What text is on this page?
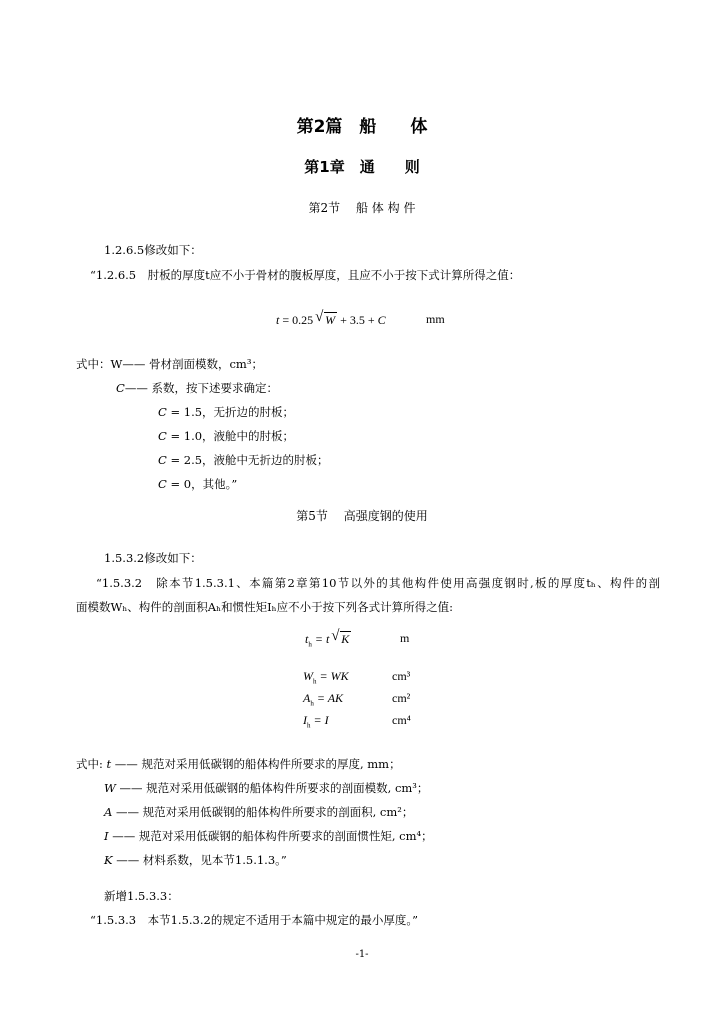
第2篇　船　　体
第1章　通　　则
第2节　 船 体 构 件
1.2.6.5修改如下：
“1.2.6.5　肘板的厚度t应不小于骨材的腹板厚度，且应不小于按下式计算所得之值：
t = 0.25 √ W + 3.5 + C	mm
式中：W—— 骨材剖面模数，cm³；
C—— 系数，按下述要求确定：
C = 1.5，无折边的肘板；
C = 1.0，液舱中的肘板；
C = 2.5，液舱中无折边的肘板；
C = 0，其他。”
第5节　 高强度钢的使用
1.5.3.2修改如下：
“1.5.3.2　除本节1.5.3.1、本篇第2章第10节以外的其他构件使用高强度钢时,板的厚度tₕ、构件的剖
面模数Wₕ、构件的剖面积Aₕ和惯性矩Iₕ应不小于按下列各式计算所得之值:
$t_h = t$ √ K	m
$W_h$ = WK	cm³
$A_h$ = AK	cm²
$I_h = I$	cm⁴
式中: t —— 规范对采用低碳钢的船体构件所要求的厚度, mm；
W —— 规范对采用低碳钢的船体构件所要求的剖面模数, cm³；
A —— 规范对采用低碳钢的船体构件所要求的剖面积, cm²；
I —— 规范对采用低碳钢的船体构件所要求的剖面惯性矩, cm⁴；
K —— 材料系数，见本节1.5.1.3。”
新增1.5.3.3：
“1.5.3.3　本节1.5.3.2的规定不适用于本篇中规定的最小厚度。”
-1-
